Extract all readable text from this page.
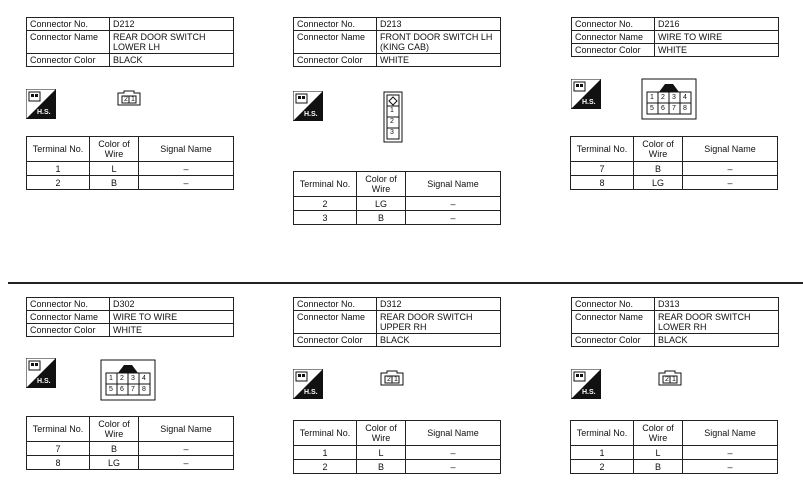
Connector No.	D212
Connector Name	REAR DOOR SWITCH LOWER LH
Connector Color	BLACK
H.S.
2 1
Terminal No.	Color of Wire	Signal Name
1	L	–
2	B	–
Connector No.	D213
Connector Name	FRONT DOOR SWITCH LH (KING CAB)
Connector Color	WHITE
H.S.
1
2
3
Terminal No.	Color of Wire	Signal Name
2	LG	–
3	B	–
Connector No.	D216
Connector Name	WIRE TO WIRE
Connector Color	WHITE
H.S.
1 2 3 4
5 6 7 8
Terminal No.	Color of Wire	Signal Name
7	B	–
8	LG	–
Connector No.	D302
Connector Name	WIRE TO WIRE
Connector Color	WHITE
H.S.	1 2 3 4
5 6 7 8
Terminal No.	Color of Wire	Signal Name
7	B	–
8	LG	–
Connector No.	D312
Connector Name	REAR DOOR SWITCH UPPER RH
Connector Color	BLACK
H.S.
2 1
Terminal No.	Color of Wire	Signal Name
1	L	–
2	B	–
Connector No.	D313
Connector Name	REAR DOOR SWITCH LOWER RH
Connector Color	BLACK
H.S.
2 1
Terminal No.	Color of Wire	Signal Name
1	L	–
2	B	–
